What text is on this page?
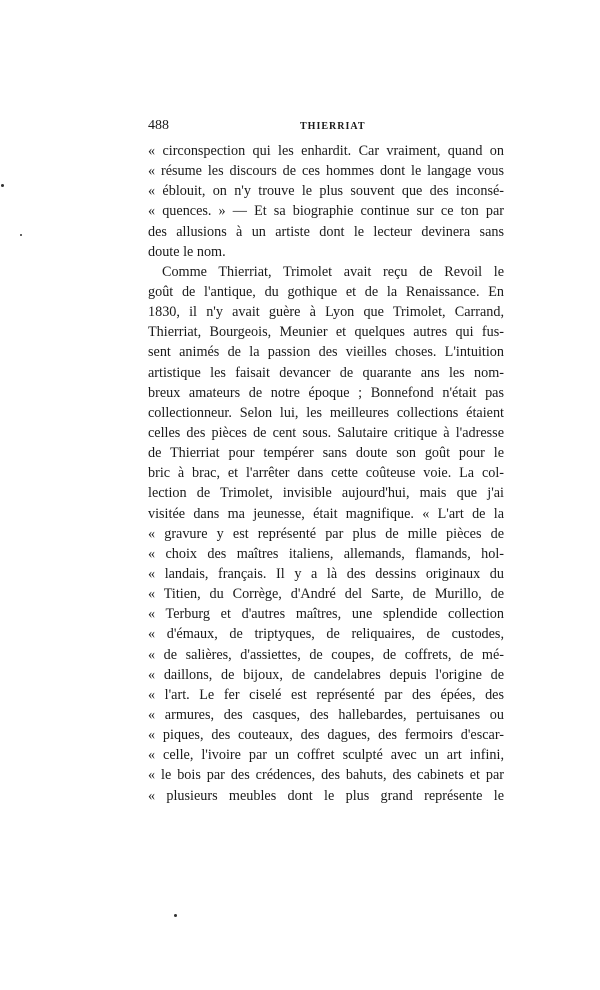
488	THIERRIAT
« circonspection qui les enhardit. Car vraiment, quand on
« résume les discours de ces hommes dont le langage vous
« éblouit, on n'y trouve le plus souvent que des inconsé-
« quences. » — Et sa biographie continue sur ce ton par
des allusions à un artiste dont le lecteur devinera sans
doute le nom.
Comme Thierriat, Trimolet avait reçu de Revoil le
goût de l'antique, du gothique et de la Renaissance. En
1830, il n'y avait guère à Lyon que Trimolet, Carrand,
Thierriat, Bourgeois, Meunier et quelques autres qui fus-
sent animés de la passion des vieilles choses. L'intuition
artistique les faisait devancer de quarante ans les nom-
breux amateurs de notre époque ; Bonnefond n'était pas
collectionneur. Selon lui, les meilleures collections étaient
celles des pièces de cent sous. Salutaire critique à l'adresse
de Thierriat pour tempérer sans doute son goût pour le
bric à brac, et l'arrêter dans cette coûteuse voie. La col-
lection de Trimolet, invisible aujourd'hui, mais que j'ai
visitée dans ma jeunesse, était magnifique. « L'art de la
« gravure y est représenté par plus de mille pièces de
« choix des maîtres italiens, allemands, flamands, hol-
« landais, français. Il y a là des dessins originaux du
« Titien, du Corrège, d'André del Sarte, de Murillo, de
« Terburg et d'autres maîtres, une splendide collection
« d'émaux, de triptyques, de reliquaires, de custodes,
« de salières, d'assiettes, de coupes, de coffrets, de mé-
« daillons, de bijoux, de candelabres depuis l'origine de
« l'art. Le fer ciselé est représenté par des épées, des
« armures, des casques, des hallebardes, pertuisanes ou
« piques, des couteaux, des dagues, des fermoirs d'escar-
« celle, l'ivoire par un coffret sculpté avec un art infini,
« le bois par des crédences, des bahuts, des cabinets et par
« plusieurs meubles dont le plus grand représente le
